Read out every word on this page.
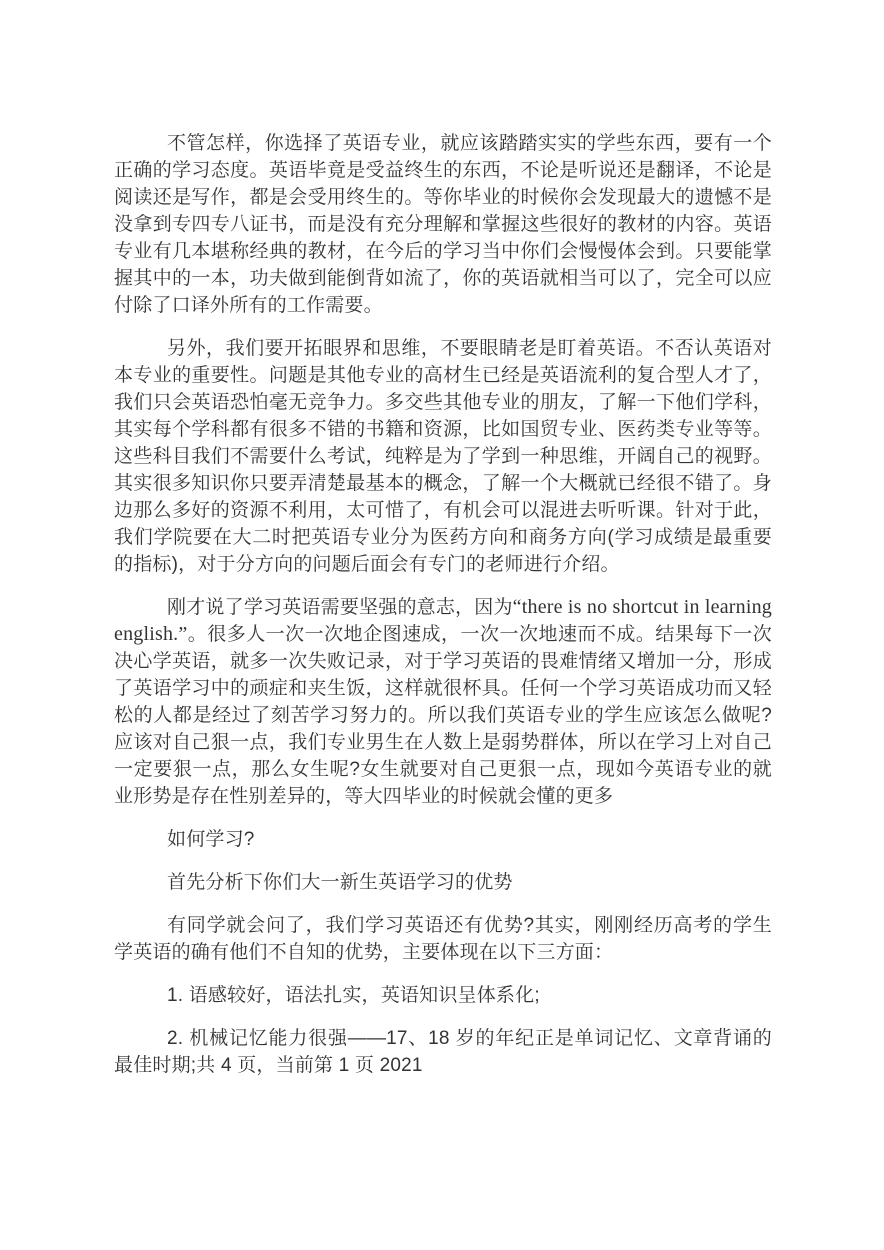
不管怎样，你选择了英语专业，就应该踏踏实实的学些东西，要有一个正确的学习态度。英语毕竟是受益终生的东西，不论是听说还是翻译，不论是阅读还是写作，都是会受用终生的。等你毕业的时候你会发现最大的遗憾不是没拿到专四专八证书，而是没有充分理解和掌握这些很好的教材的内容。英语专业有几本堪称经典的教材，在今后的学习当中你们会慢慢体会到。只要能掌握其中的一本，功夫做到能倒背如流了，你的英语就相当可以了，完全可以应付除了口译外所有的工作需要。

另外，我们要开拓眼界和思维，不要眼睛老是盯着英语。不否认英语对本专业的重要性。问题是其他专业的高材生已经是英语流利的复合型人才了，我们只会英语恐怕毫无竞争力。多交些其他专业的朋友，了解一下他们学科，其实每个学科都有很多不错的书籍和资源，比如国贸专业、医药类专业等等。这些科目我们不需要什么考试，纯粹是为了学到一种思维，开阔自己的视野。其实很多知识你只要弄清楚最基本的概念，了解一个大概就已经很不错了。身边那么多好的资源不利用，太可惜了，有机会可以混进去听听课。针对于此，我们学院要在大二时把英语专业分为医药方向和商务方向(学习成绩是最重要的指标)，对于分方向的问题后面会有专门的老师进行介绍。

刚才说了学习英语需要坚强的意志，因为“there is no shortcut in learning english.”。很多人一次一次地企图速成，一次一次地速而不成。结果每下一次决心学英语，就多一次失败记录，对于学习英语的畏难情绪又增加一分，形成了英语学习中的顽症和夹生饭，这样就很杯具。任何一个学习英语成功而又轻松的人都是经过了刻苦学习努力的。所以我们英语专业的学生应该怎么做呢?应该对自己狠一点，我们专业男生在人数上是弱势群体，所以在学习上对自己一定要狠一点，那么女生呢?女生就要对自己更狠一点，现如今英语专业的就业形势是存在性别差异的，等大四毕业的时候就会懂的更多

如何学习?

首先分析下你们大一新生英语学习的优势

有同学就会问了，我们学习英语还有优势?其实，刚刚经历高考的学生学英语的确有他们不自知的优势，主要体现在以下三方面：

1. 语感较好，语法扎实，英语知识呈体系化;

2. 机械记忆能力很强——17、18 岁的年纪正是单词记忆、文章背诵的最佳时期;共 4 页，当前第 1 页 2021
